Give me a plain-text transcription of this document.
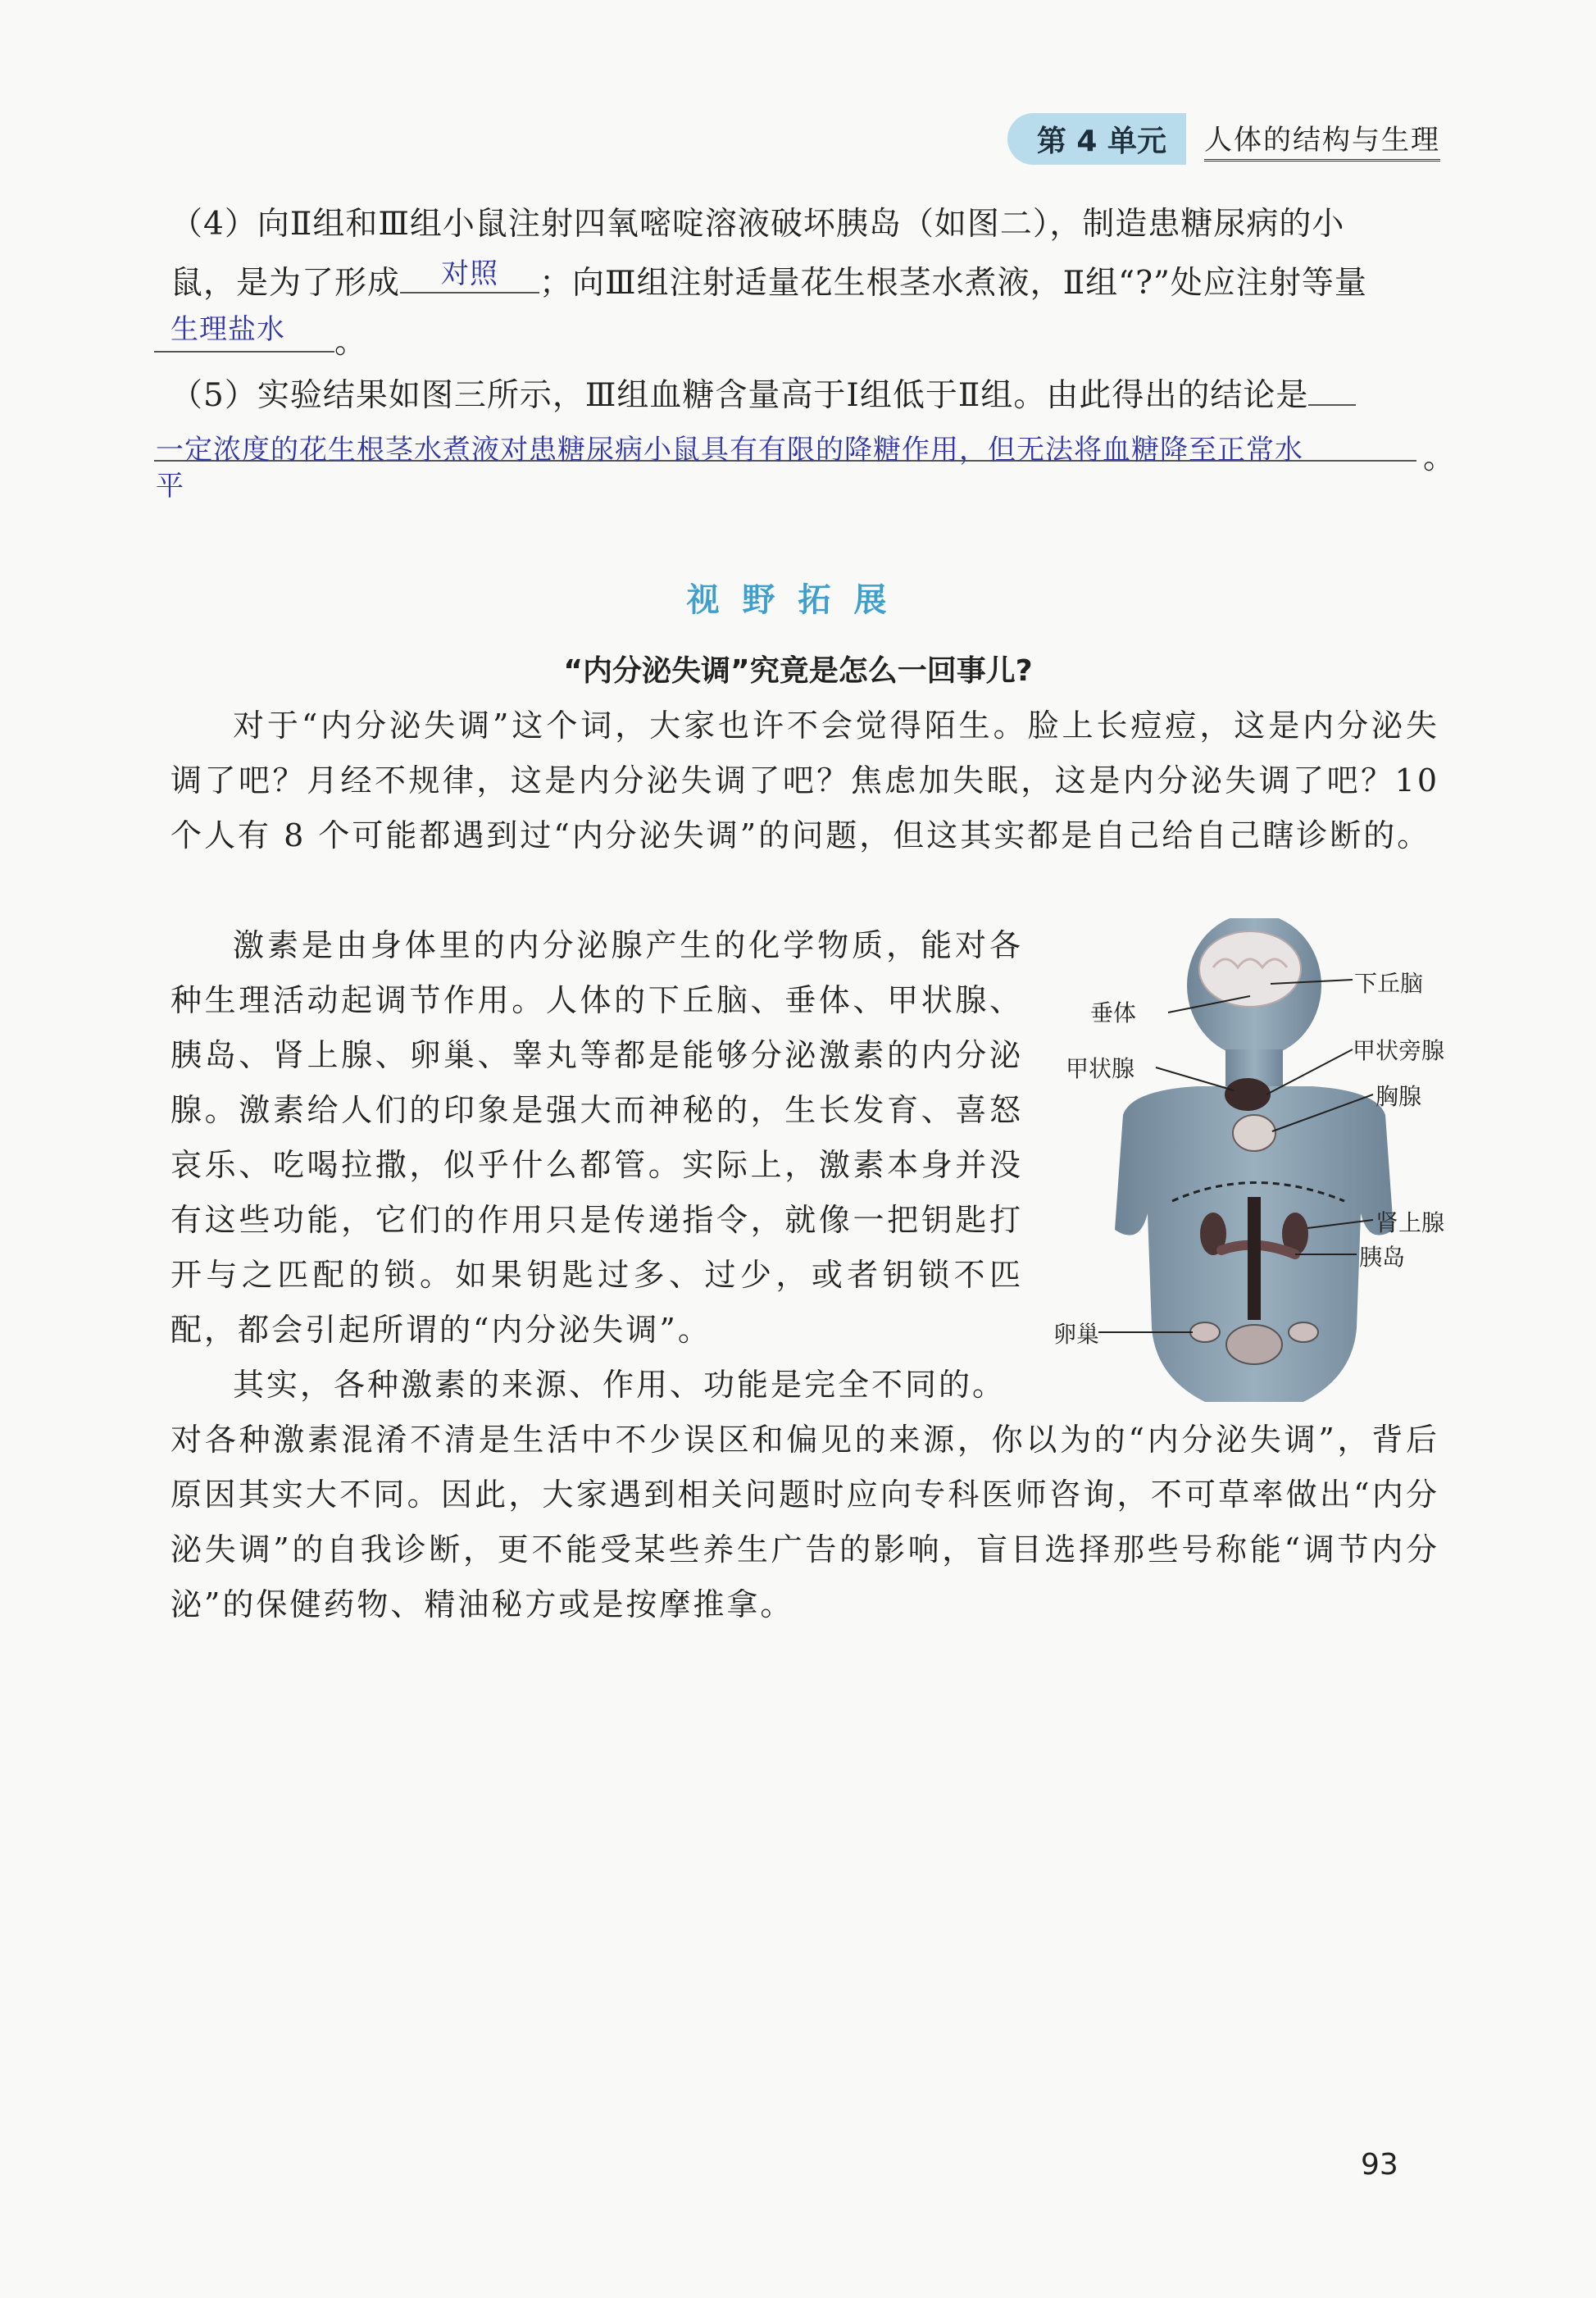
第 4 单元	人体的结构与生理
（4）向Ⅱ组和Ⅲ组小鼠注射四氧嘧啶溶液破坏胰岛（如图二），制造患糖尿病的小
鼠，是为了形成 对照 ；向Ⅲ组注射适量花生根茎水煮液，Ⅱ组“?”处应注射等量
生理盐水 。
（5）实验结果如图三所示，Ⅲ组血糖含量高于Ⅰ组低于Ⅱ组。由此得出的结论是
一定浓度的花生根茎水煮液对患糖尿病小鼠具有有限的降糖作用，但无法将血糖降至正常水
平
。
视野拓展
“内分泌失调”究竟是怎么一回事儿?
对于“内分泌失调”这个词，大家也许不会觉得陌生。脸上长痘痘，这是内分泌失调了吧？月经不规律，这是内分泌失调了吧？焦虑加失眠，这是内分泌失调了吧？10 个人有 8 个可能都遇到过“内分泌失调”的问题，但这其实都是自己给自己瞎诊断的。
激素是由身体里的内分泌腺产生的化学物质，能对各种生理活动起调节作用。人体的下丘脑、垂体、甲状腺、胰岛、肾上腺、卵巢、睾丸等都是能够分泌激素的内分泌腺。激素给人们的印象是强大而神秘的，生长发育、喜怒哀乐、吃喝拉撒，似乎什么都管。实际上，激素本身并没有这些功能，它们的作用只是传递指令，就像一把钥匙打开与之匹配的锁。如果钥匙过多、过少，或者钥锁不匹配，都会引起所谓的“内分泌失调”。
其实，各种激素的来源、作用、功能是完全不同的。
对各种激素混淆不清是生活中不少误区和偏见的来源，你以为的“内分泌失调”，背后原因其实大不同。因此，大家遇到相关问题时应向专科医师咨询，不可草率做出“内分泌失调”的自我诊断，更不能受某些养生广告的影响，盲目选择那些号称能“调节内分泌”的保健药物、精油秘方或是按摩推拿。
下丘脑
垂体
甲状旁腺
甲状腺
胸腺
肾上腺
胰岛
卵巢
93
